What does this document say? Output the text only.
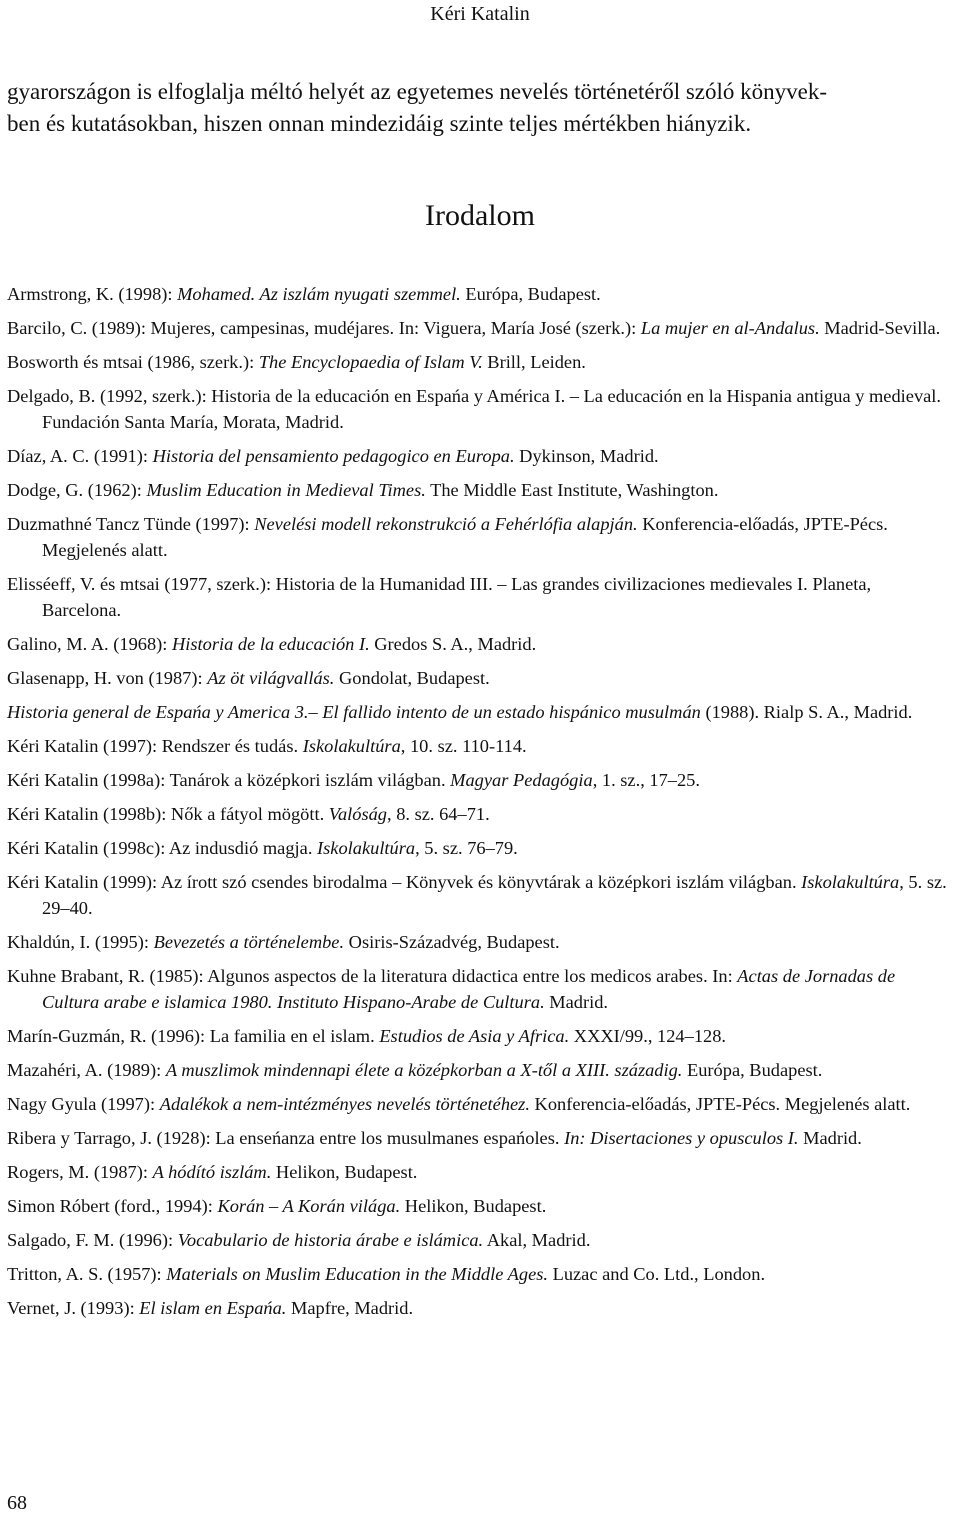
Kéri Katalin
gyarországon is elfoglalja méltó helyét az egyetemes nevelés történetéről szóló könyvek-
ben és kutatásokban, hiszen onnan mindezidáig szinte teljes mértékben hiányzik.
Irodalom
Armstrong, K. (1998): Mohamed. Az iszlám nyugati szemmel. Európa, Budapest.
Barcilo, C. (1989): Mujeres, campesinas, mudéjares. In: Viguera, María José (szerk.): La mujer en al-Andalus. Madrid-Sevilla.
Bosworth és mtsai (1986, szerk.): The Encyclopaedia of Islam V. Brill, Leiden.
Delgado, B. (1992, szerk.): Historia de la educación en Espańa y América I. – La educación en la Hispania antigua y medieval. Fundación Santa María, Morata, Madrid.
Díaz, A. C. (1991): Historia del pensamiento pedagogico en Europa. Dykinson, Madrid.
Dodge, G. (1962): Muslim Education in Medieval Times. The Middle East Institute, Washington.
Duzmathné Tancz Tünde (1997): Nevelési modell rekonstrukció a Fehérlófia alapján. Konferencia-előadás, JPTE-Pécs. Megjelenés alatt.
Elisséeff, V. és mtsai (1977, szerk.): Historia de la Humanidad III. – Las grandes civilizaciones medievales I. Planeta, Barcelona.
Galino, M. A. (1968): Historia de la educación I. Gredos S. A., Madrid.
Glasenapp, H. von (1987): Az öt világvallás. Gondolat, Budapest.
Historia general de Espańa y America 3.– El fallido intento de un estado hispánico musulmán (1988). Rialp S. A., Madrid.
Kéri Katalin (1997): Rendszer és tudás. Iskolakultúra, 10. sz. 110-114.
Kéri Katalin (1998a): Tanárok a középkori iszlám világban. Magyar Pedagógia, 1. sz., 17–25.
Kéri Katalin (1998b): Nők a fátyol mögött. Valóság, 8. sz. 64–71.
Kéri Katalin (1998c): Az indusdió magja. Iskolakultúra, 5. sz. 76–79.
Kéri Katalin (1999): Az írott szó csendes birodalma – Könyvek és könyvtárak a középkori iszlám világban. Iskolakultúra, 5. sz. 29–40.
Khaldún, I. (1995): Bevezetés a történelembe. Osiris-Századvég, Budapest.
Kuhne Brabant, R. (1985): Algunos aspectos de la literatura didactica entre los medicos arabes. In: Actas de Jornadas de Cultura arabe e islamica 1980. Instituto Hispano-Arabe de Cultura. Madrid.
Marín-Guzmán, R. (1996): La familia en el islam. Estudios de Asia y Africa. XXXI/99., 124–128.
Mazahéri, A. (1989): A muszlimok mindennapi élete a középkorban a X-től a XIII. századig. Európa, Budapest.
Nagy Gyula (1997): Adalékok a nem-intézményes nevelés történetéhez. Konferencia-előadás, JPTE-Pécs. Megjelenés alatt.
Ribera y Tarrago, J. (1928): La enseńanza entre los musulmanes espańoles. In: Disertaciones y opusculos I. Madrid.
Rogers, M. (1987): A hódító iszlám. Helikon, Budapest.
Simon Róbert (ford., 1994): Korán – A Korán világa. Helikon, Budapest.
Salgado, F. M. (1996): Vocabulario de historia árabe e islámica. Akal, Madrid.
Tritton, A. S. (1957): Materials on Muslim Education in the Middle Ages. Luzac and Co. Ltd., London.
Vernet, J. (1993): El islam en Espańa. Mapfre, Madrid.
68
